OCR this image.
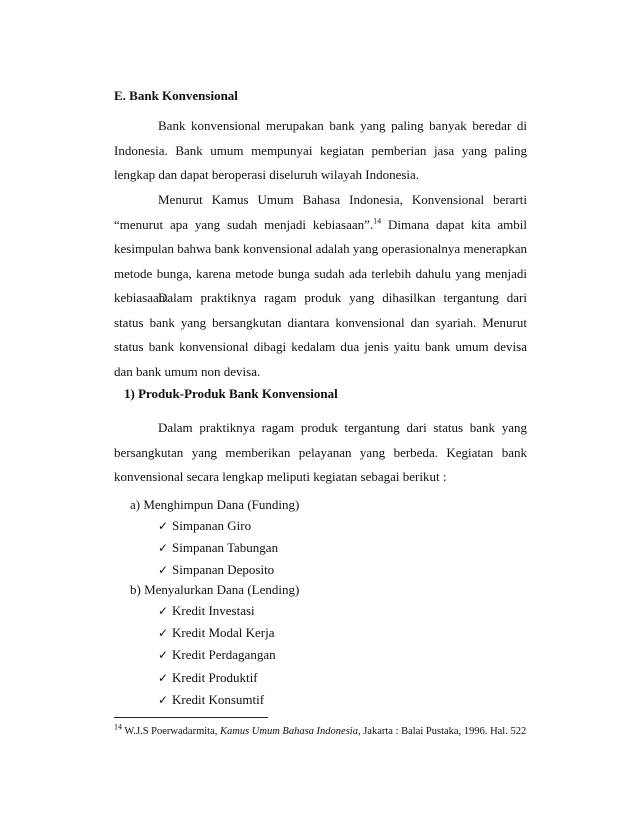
E. Bank Konvensional

Bank konvensional merupakan bank yang paling banyak beredar di Indonesia. Bank umum mempunyai kegiatan pemberian jasa yang paling lengkap dan dapat beroperasi diseluruh wilayah Indonesia.

Menurut Kamus Umum Bahasa Indonesia, Konvensional berarti “menurut apa yang sudah menjadi kebiasaan”.$^{14}$ Dimana dapat kita ambil kesimpulan bahwa bank konvensional adalah yang operasionalnya menerapkan metode bunga, karena metode bunga sudah ada terlebih dahulu yang menjadi kebiasaan.

Dalam praktiknya ragam produk yang dihasilkan tergantung dari status bank yang bersangkutan diantara konvensional dan syariah. Menurut status bank konvensional dibagi kedalam dua jenis yaitu bank umum devisa dan bank umum non devisa.

1) Produk-Produk Bank Konvensional

Dalam praktiknya ragam produk tergantung dari status bank yang bersangkutan yang memberikan pelayanan yang berbeda. Kegiatan bank konvensional secara lengkap meliputi kegiatan sebagai berikut :

a) Menghimpun Dana (Funding)
✓ Simpanan Giro
✓ Simpanan Tabungan
✓ Simpanan Deposito
b) Menyalurkan Dana (Lending)
✓ Kredit Investasi
✓ Kredit Modal Kerja
✓ Kredit Perdagangan
✓ Kredit Produktif
✓ Kredit Konsumtif
$^{14}$ W.J.S Poerwadarmita, Kamus Umum Bahasa Indonesia, Jakarta : Balai Pustaka, 1996. Hal. 522
